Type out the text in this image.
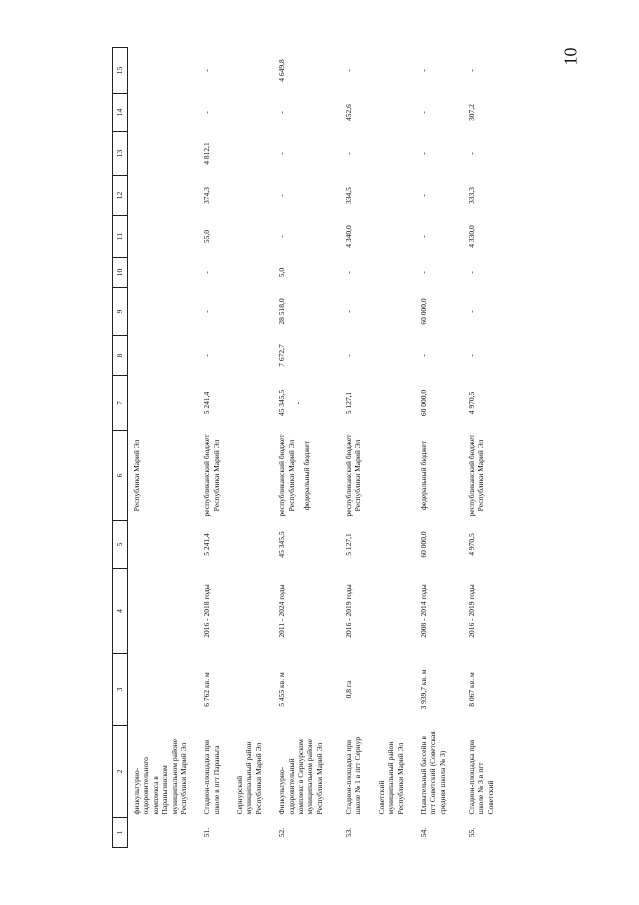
10
1	2	3	4	5	6	7	8	9	10	11	12	13	14	15
	физкультурно-оздоровительного комплекса в Параньгинском муниципальном районе Республики Марий Эл				Республики Марий Эл									
51.	Стадион-площадка при школе в пгт Параньга	6 762 кв. м	2016 - 2018 годы	5 241,4	республиканский бюджет Республики Марий Эл	5 241,4	-	-	-	55,0	374,3	4 812,1	-	-
	Сернурский муниципальный район Республики Марий Эл													
52.	Физкультурно-оздоровительный комплекс в Сернурском муниципальном районе Республики Марий Эл	5 455 кв. м	2011 - 2024 годы	45 345,5	республиканский бюджет Республики Марий Эл федеральный бюджет	45 345,5 -	7 672,7	28 518,0	5,0	-	-	-	-	4 649,8
53.	Стадион-площадка при школе № 1 в пгт Сернур	0,8 га	2016 - 2019 годы	5 127,1	республиканский бюджет Республики Марий Эл	5 127,1	-	-	-	4 340,0	334,5	-	452,6	-
	Советский муниципальный район Республики Марий Эл													
54.	Плавательный бассейн в пгт Советский (Советская средняя школа № 3)	3 939,7 кв. м	2008 - 2014 годы	60 000,0	федеральный бюджет	60 000,0	-	60 000,0	-	-	-	-	-	-
55.	Стадион-площадка при школе № 3 в пгт Советский	8 067 кв. м	2016 - 2019 годы	4 970,5	республиканский бюджет Республики Марий Эл	4 970,5	-	-	-	4 330,0	333,3	-	307,2	-
